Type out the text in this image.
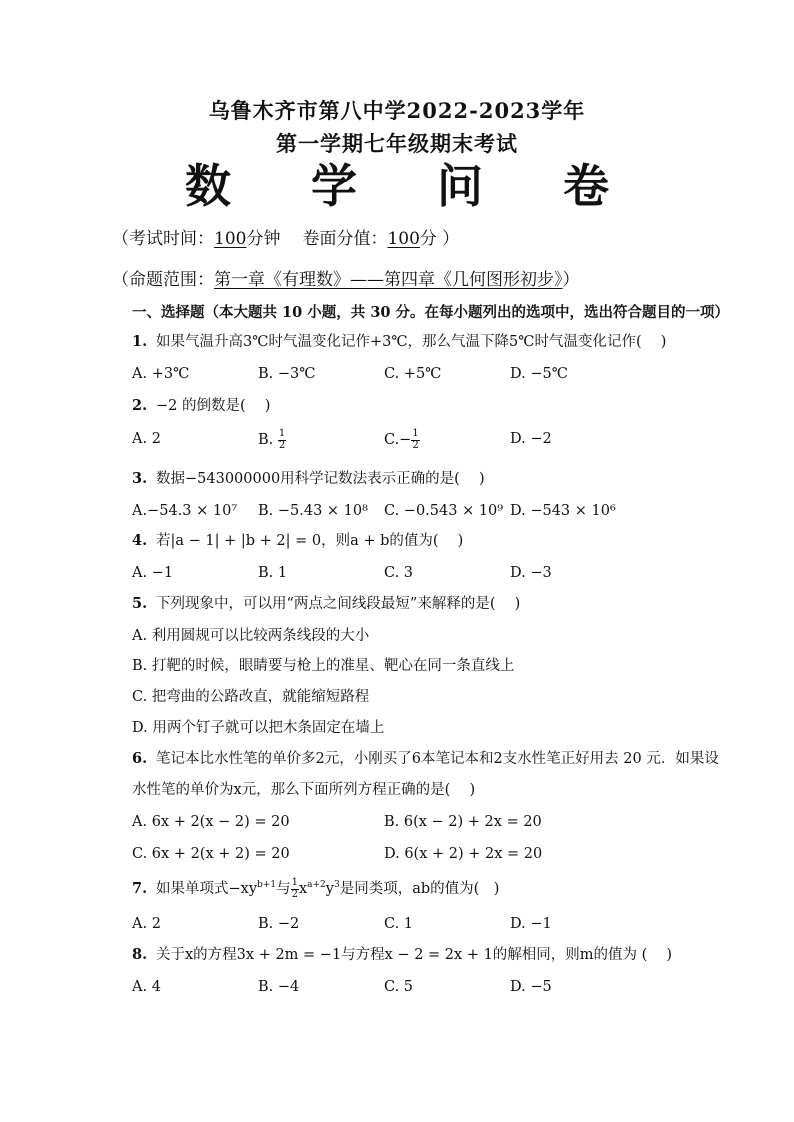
乌鲁木齐市第八中学2022-2023学年
第一学期七年级期末考试
数 学 问 卷
（考试时间：100分钟 卷面分值：100分 ）
（命题范围：第一章《有理数》——第四章《几何图形初步》）
一、选择题（本大题共 10 小题，共 30 分。在每小题列出的选项中，选出符合题目的一项）
1. 如果气温升高3℃时气温变化记作+3℃，那么气温下降5℃时气温变化记作(　 )
A. +3℃	B. −3℃	C. +5℃	D. −5℃
2. −2 的倒数是(　 )
A. 2	B. $\frac{1}{2}$	$C.- \frac{1}{2}$	D. −2
3. 数据−543000000用科学记数法表示正确的是(　 )
A.−54.3 × 10⁷ B. −5.43 × 10⁸ C. −0.543 × 10⁹ D. −543 × 10⁶
4. 若|a − 1| + |b + 2| = 0，则a + b的值为(　 )
A. −1	B. 1	C. 3	D. −3
5. 下列现象中，可以用“两点之间线段最短”来解释的是(　 )
A. 利用圆规可以比较两条线段的大小
B. 打靶的时候，眼睛要与枪上的准星、靶心在同一条直线上
C. 把弯曲的公路改直，就能缩短路程
D. 用两个钉子就可以把木条固定在墙上
6. 笔记本比水性笔的单价多2元，小刚买了6本笔记本和2支水性笔正好用去 20 元．如果设
水性笔的单价为x元，那么下面所列方程正确的是(　 )
A. 6x + 2(x − 2) = 20	B. 6(x − 2) + 2x = 20
C. 6x + 2(x + 2) = 20	D. 6(x + 2) + 2x = 20
7. 如果单项式$-xy^{b+1}$与 $\frac{1}{2} x^{a+2}y^3$是同类项，ab的值为(　)
A. 2	B. −2	C. 1	D. −1
8. 关于x的方程3x + 2m = −1与方程x − 2 = 2x + 1的解相同，则m的值为 (　 )
A. 4	B. −4	C. 5	D. −5
